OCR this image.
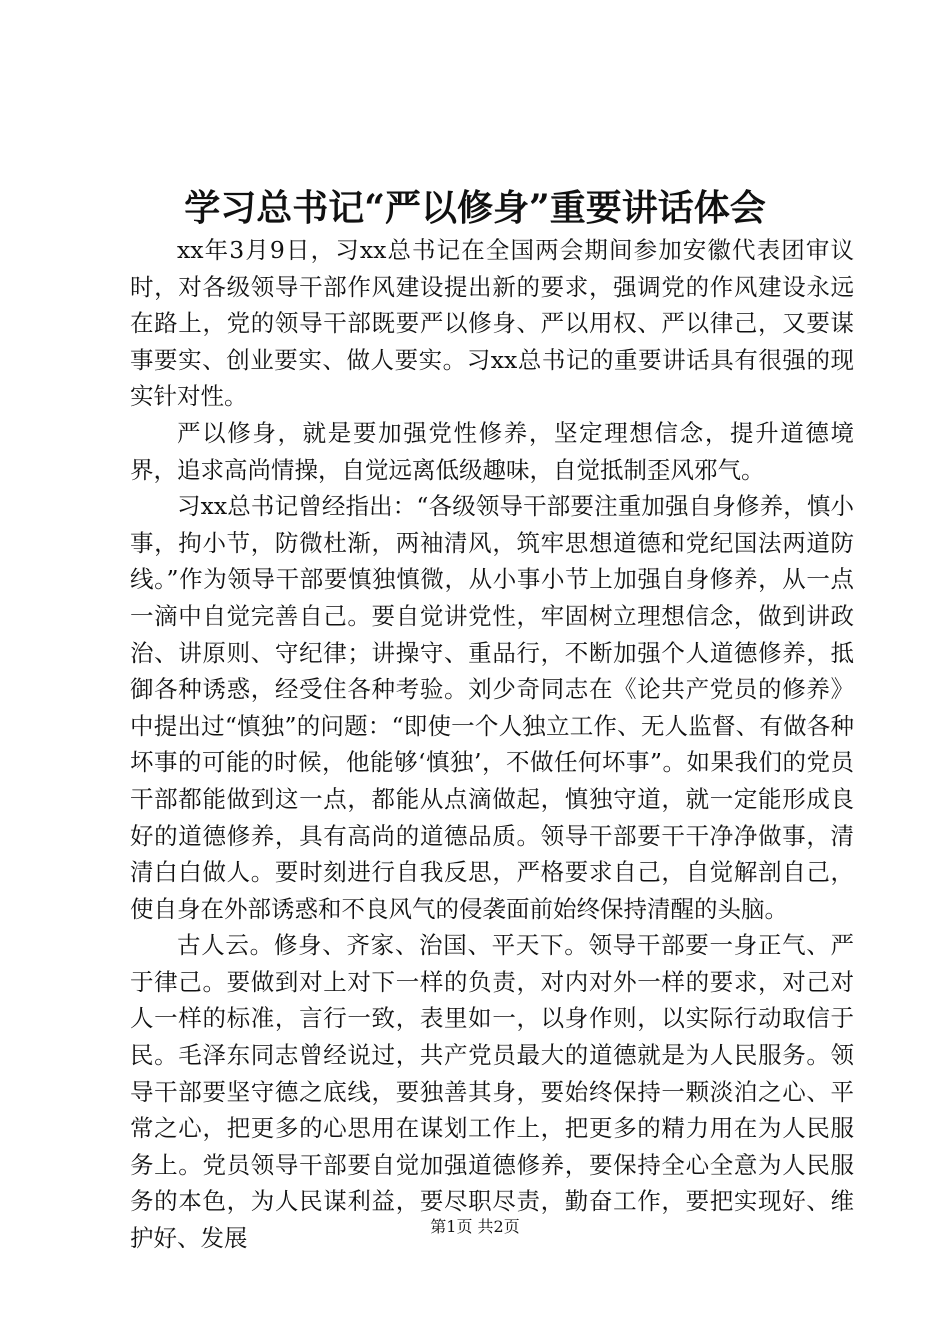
学习总书记“严以修身”重要讲话体会

xx年3月9日，习xx总书记在全国两会期间参加安徽代表团审议时，对各级领导干部作风建设提出新的要求，强调党的作风建设永远在路上，党的领导干部既要严以修身、严以用权、严以律己，又要谋事要实、创业要实、做人要实。习xx总书记的重要讲话具有很强的现实针对性。

严以修身，就是要加强党性修养，坚定理想信念，提升道德境界，追求高尚情操，自觉远离低级趣味，自觉抵制歪风邪气。

习xx总书记曾经指出：“各级领导干部要注重加强自身修养，慎小事，拘小节，防微杜渐，两袖清风，筑牢思想道德和党纪国法两道防线。”作为领导干部要慎独慎微，从小事小节上加强自身修养，从一点一滴中自觉完善自己。要自觉讲党性，牢固树立理想信念，做到讲政治、讲原则、守纪律；讲操守、重品行，不断加强个人道德修养，抵御各种诱惑，经受住各种考验。刘少奇同志在《论共产党员的修养》中提出过“慎独”的问题：“即使一个人独立工作、无人监督、有做各种坏事的可能的时候，他能够‘慎独’，不做任何坏事”。如果我们的党员干部都能做到这一点，都能从点滴做起，慎独守道，就一定能形成良好的道德修养，具有高尚的道德品质。领导干部要干干净净做事，清清白白做人。要时刻进行自我反思，严格要求自己，自觉解剖自己，使自身在外部诱惑和不良风气的侵袭面前始终保持清醒的头脑。

古人云。修身、齐家、治国、平天下。领导干部要一身正气、严于律己。要做到对上对下一样的负责，对内对外一样的要求，对己对人一样的标准，言行一致，表里如一，以身作则，以实际行动取信于民。毛泽东同志曾经说过，共产党员最大的道德就是为人民服务。领导干部要坚守德之底线，要独善其身，要始终保持一颗淡泊之心、平常之心，把更多的心思用在谋划工作上，把更多的精力用在为人民服务上。党员领导干部要自觉加强道德修养，要保持全心全意为人民服务的本色，为人民谋利益，要尽职尽责，勤奋工作，要把实现好、维护好、发展	第1页 共2页
